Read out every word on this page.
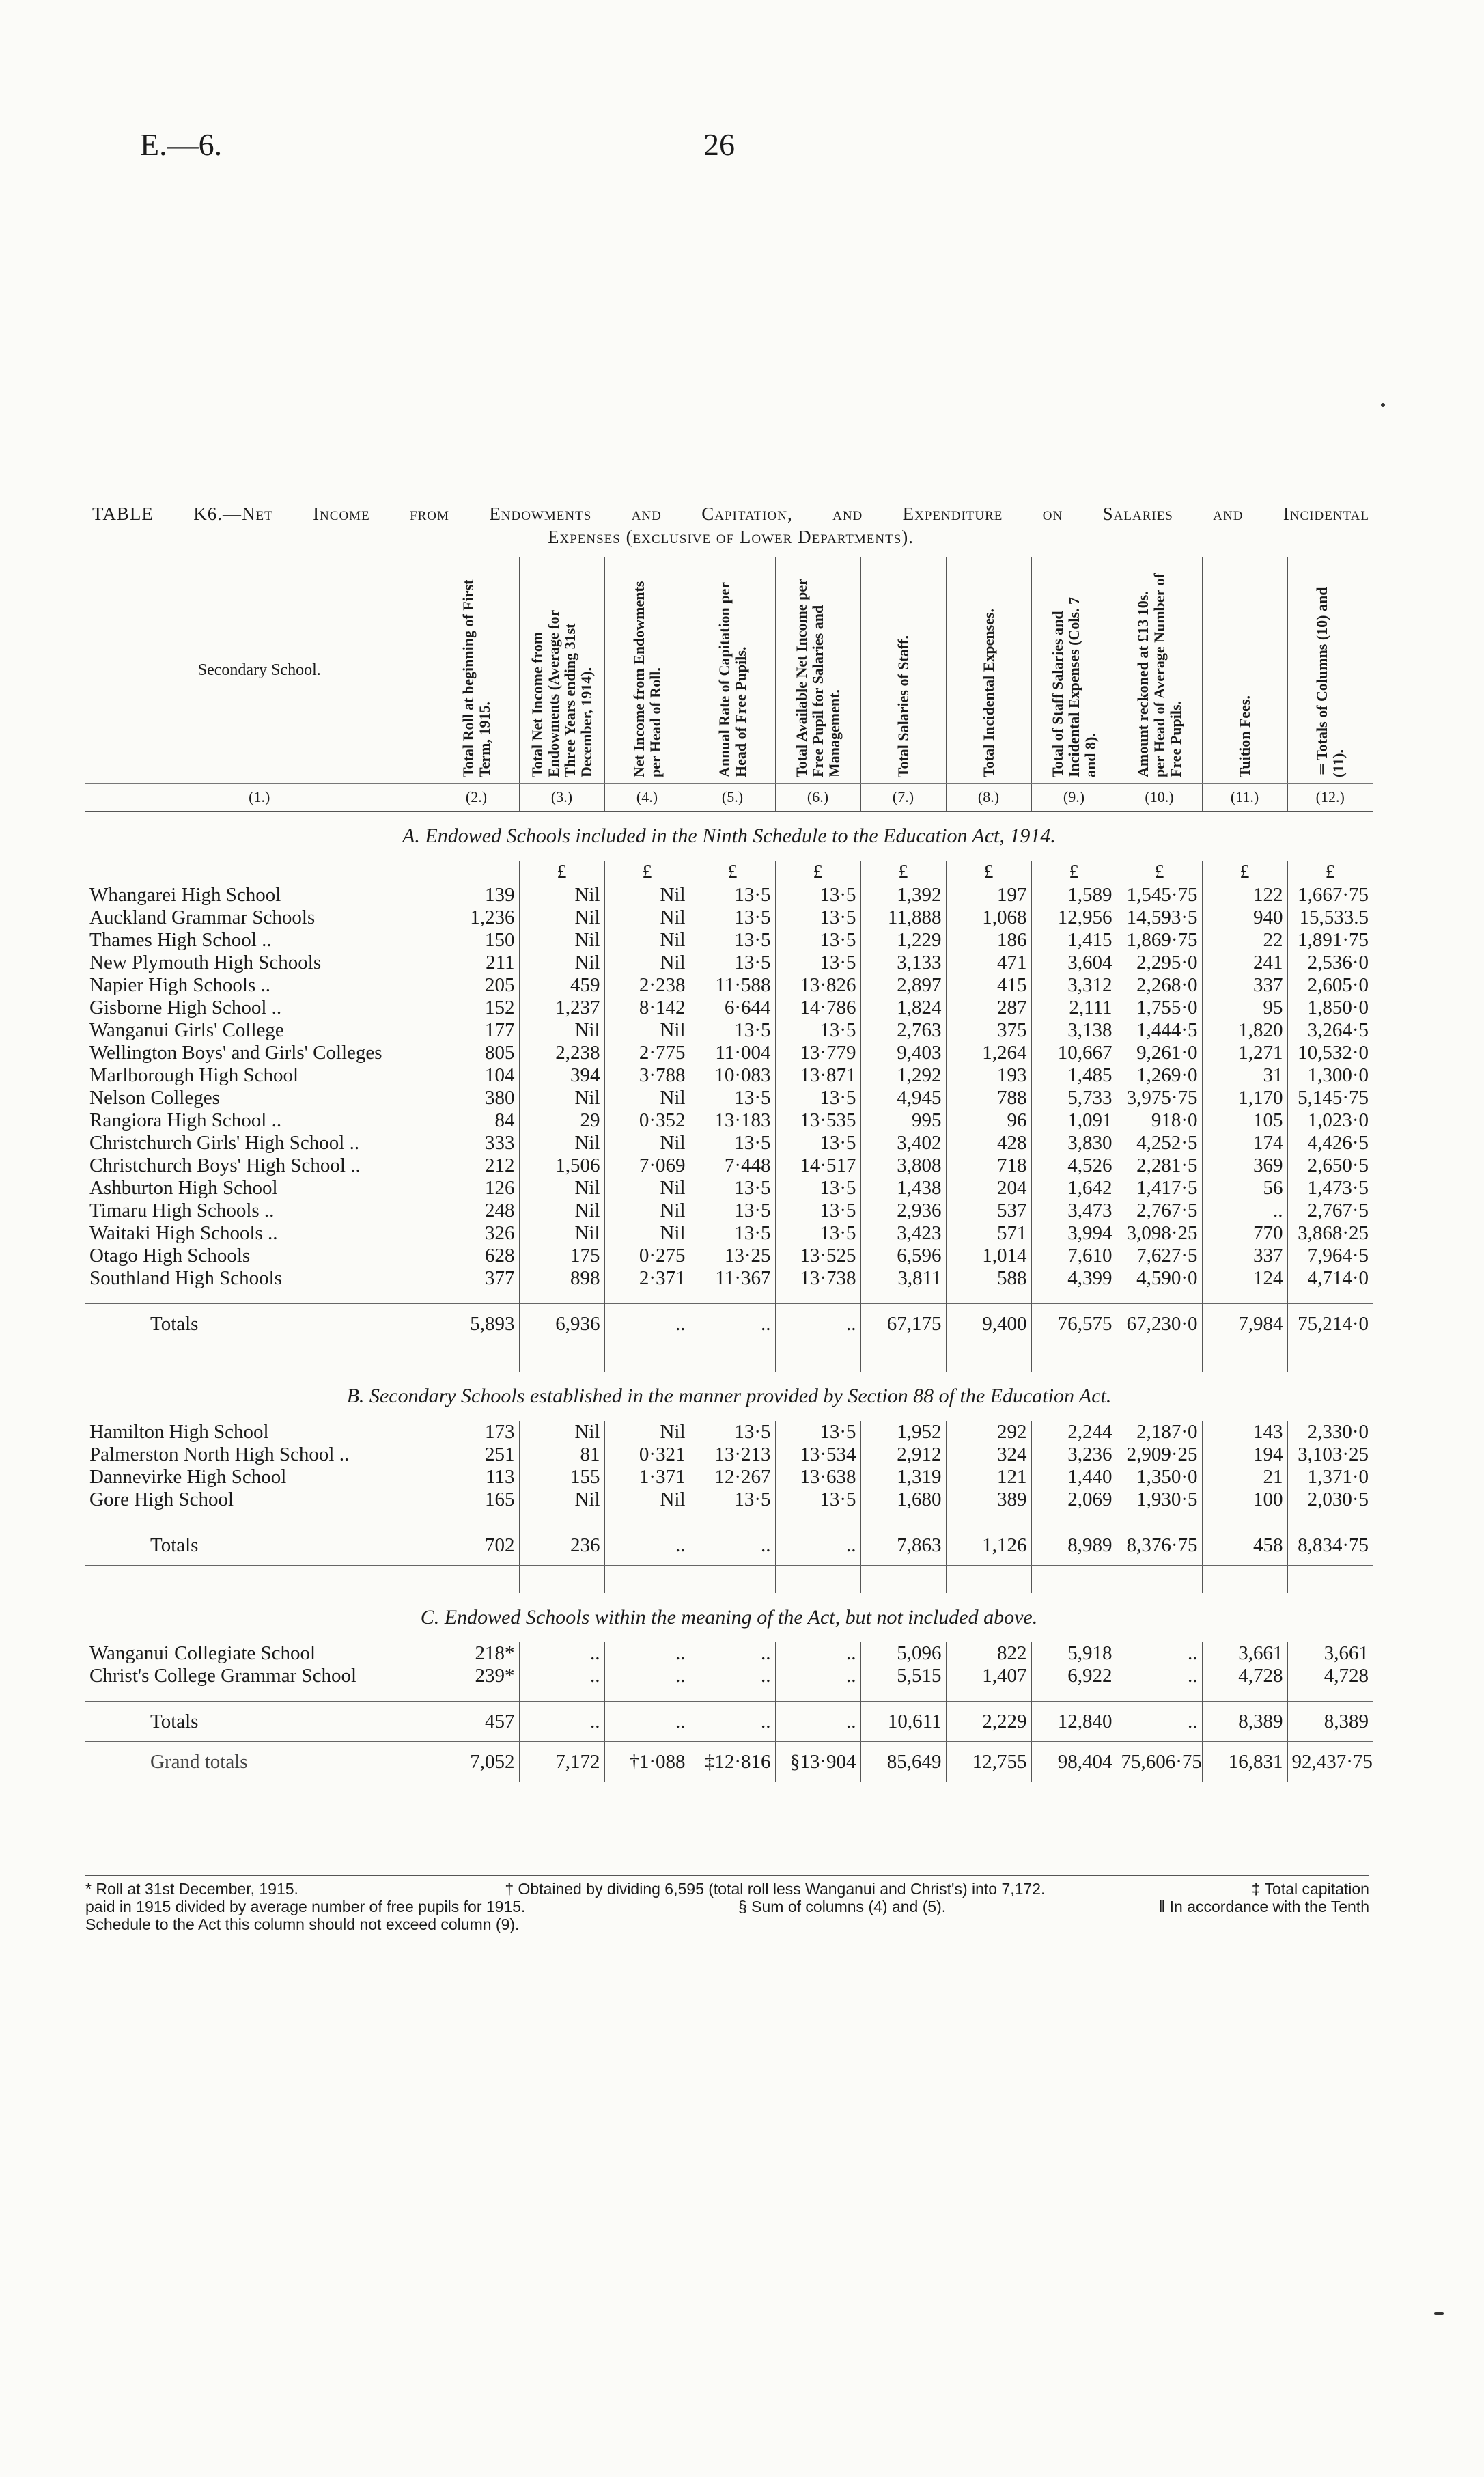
E.—6.	26
TABLE K6.—Net Income from Endowments and Capitation, and Expenditure on Salaries and Incidental
Expenses (exclusive of Lower Departments).
Secondary School.	Total Roll at beginning of First Term, 1915.	Total Net Income from Endowments (Average for Three Years ending 31st December, 1914).	Net Income from Endowments per Head of Roll.	Annual Rate of Capitation per Head of Free Pupils.	Total Available Net Income per Free Pupil for Salaries and Management.	Total Salaries of Staff.	Total Incidental Expenses.	Total of Staff Salaries and Incidental Expenses (Cols. 7 and 8).	Amount reckoned at £13 10s. per Head of Average Number of Free Pupils.	Tuition Fees.	‖Totals of Columns (10) and (11).
(1.)	(2.)	(3.)	(4.)	(5.)	(6.)	(7.)	(8.)	(9.)	(10.)	(11.)	(12.)
A. Endowed Schools included in the Ninth Schedule to the Education Act, 1914.											
		£	£	£	£	£	£	£	£	£	£
Whangarei High School	139	Nil	Nil	13·5	13·5	1,392	197	1,589	1,545·75	122	1,667·75
Auckland Grammar Schools	1,236	Nil	Nil	13·5	13·5	11,888	1,068	12,956	14,593·5	940	15,533.5
Thames High School ..	150	Nil	Nil	13·5	13·5	1,229	186	1,415	1,869·75	22	1,891·75
New Plymouth High Schools	211	Nil	Nil	13·5	13·5	3,133	471	3,604	2,295·0	241	2,536·0
Napier High Schools ..	205	459	2·238	11·588	13·826	2,897	415	3,312	2,268·0	337	2,605·0
Gisborne High School ..	152	1,237	8·142	6·644	14·786	1,824	287	2,111	1,755·0	95	1,850·0
Wanganui Girls' College	177	Nil	Nil	13·5	13·5	2,763	375	3,138	1,444·5	1,820	3,264·5
Wellington Boys' and Girls' Colleges	805	2,238	2·775	11·004	13·779	9,403	1,264	10,667	9,261·0	1,271	10,532·0
Marlborough High School	104	394	3·788	10·083	13·871	1,292	193	1,485	1,269·0	31	1,300·0
Nelson Colleges	380	Nil	Nil	13·5	13·5	4,945	788	5,733	3,975·75	1,170	5,145·75
Rangiora High School ..	84	29	0·352	13·183	13·535	995	96	1,091	918·0	105	1,023·0
Christchurch Girls' High School ..	333	Nil	Nil	13·5	13·5	3,402	428	3,830	4,252·5	174	4,426·5
Christchurch Boys' High School ..	212	1,506	7·069	7·448	14·517	3,808	718	4,526	2,281·5	369	2,650·5
Ashburton High School	126	Nil	Nil	13·5	13·5	1,438	204	1,642	1,417·5	56	1,473·5
Timaru High Schools ..	248	Nil	Nil	13·5	13·5	2,936	537	3,473	2,767·5	..	2,767·5
Waitaki High Schools ..	326	Nil	Nil	13·5	13·5	3,423	571	3,994	3,098·25	770	3,868·25
Otago High Schools	628	175	0·275	13·25	13·525	6,596	1,014	7,610	7,627·5	337	7,964·5
Southland High Schools	377	898	2·371	11·367	13·738	3,811	588	4,399	4,590·0	124	4,714·0

Totals	5,893	6,936	..	..	..	67,175	9,400	76,575	67,230·0	7,984	75,214·0

B. Secondary Schools established in the manner provided by Section 88 of the Education Act.											
Hamilton High School	173	Nil	Nil	13·5	13·5	1,952	292	2,244	2,187·0	143	2,330·0
Palmerston North High School ..	251	81	0·321	13·213	13·534	2,912	324	3,236	2,909·25	194	3,103·25
Dannevirke High School	113	155	1·371	12·267	13·638	1,319	121	1,440	1,350·0	21	1,371·0
Gore High School	165	Nil	Nil	13·5	13·5	1,680	389	2,069	1,930·5	100	2,030·5

Totals	702	236	..	..	..	7,863	1,126	8,989	8,376·75	458	8,834·75

C. Endowed Schools within the meaning of the Act, but not included above.											
Wanganui Collegiate School	218*	..	..	..	..	5,096	822	5,918	..	3,661	3,661
Christ's College Grammar School	239*	..	..	..	..	5,515	1,407	6,922	..	4,728	4,728

Totals	457	..	..	..	..	10,611	2,229	12,840	..	8,389	8,389
Grand totals	7,052	7,172	†1·088	‡12·816	§13·904	85,649	12,755	98,404	75,606·75	16,831	92,437·75
* Roll at 31st December, 1915.	† Obtained by dividing 6,595 (total roll less Wanganui and Christ's) into 7,172.	‡ Total capitation
paid in 1915 divided by average number of free pupils for 1915.	§ Sum of columns (4) and (5).	‖ In accordance with the Tenth
Schedule to the Act this column should not exceed column (9).
